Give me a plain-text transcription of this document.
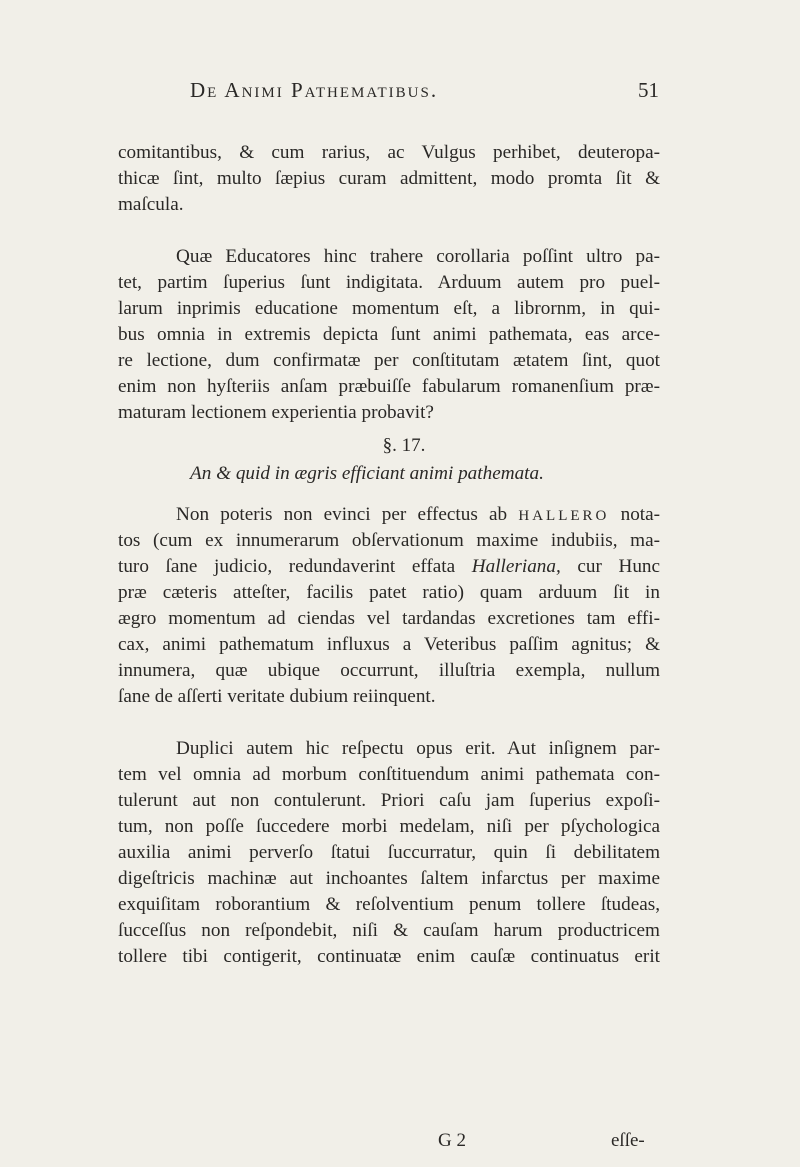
De Animi Pathematibus.	51
comitantibus, & cum rarius, ac Vulgus perhibet, deuteropa-
thicæ ſint, multo ſæpius curam admittent, modo promta ſit &
maſcula.
Quæ Educatores hinc trahere corollaria poſſint ultro pa-
tet, partim ſuperius ſunt indigitata. Arduum autem pro puel-
larum inprimis educatione momentum eſt, a librornm, in qui-
bus omnia in extremis depicta ſunt animi pathemata, eas arce-
re lectione, dum confirmatæ per conſtitutam ætatem ſint, quot
enim non hyſteriis anſam præbuiſſe fabularum romanenſium præ-
maturam lectionem experientia probavit?
§. 17.
An & quid in ægris efficiant animi pathemata.
Non poteris non evinci per effectus ab HALLERO nota-
tos (cum ex innumerarum obſervationum maxime indubiis, ma-
turo ſane judicio, redundaverint effata Halleriana, cur Hunc
præ cæteris atteſter, facilis patet ratio) quam arduum ſit in
ægro momentum ad ciendas vel tardandas excretiones tam effi-
cax, animi pathematum influxus a Veteribus paſſim agnitus; &
innumera, quæ ubique occurrunt, illuſtria exempla, nullum
ſane de aſſerti veritate dubium reiinquent.
Duplici autem hic reſpectu opus erit. Aut inſignem par-
tem vel omnia ad morbum conſtituendum animi pathemata con-
tulerunt aut non contulerunt. Priori caſu jam ſuperius expoſi-
tum, non poſſe ſuccedere morbi medelam, niſi per pſychologica
auxilia animi perverſo ſtatui ſuccurratur, quin ſi debilitatem
digeſtricis machinæ aut inchoantes ſaltem infarctus per maxime
exquiſitam roborantium & reſolventium penum tollere ſtudeas,
ſucceſſus non reſpondebit, niſi & cauſam harum productricem
tollere tibi contigerit, continuatæ enim cauſæ continuatus erit
G 2	eſſe-
